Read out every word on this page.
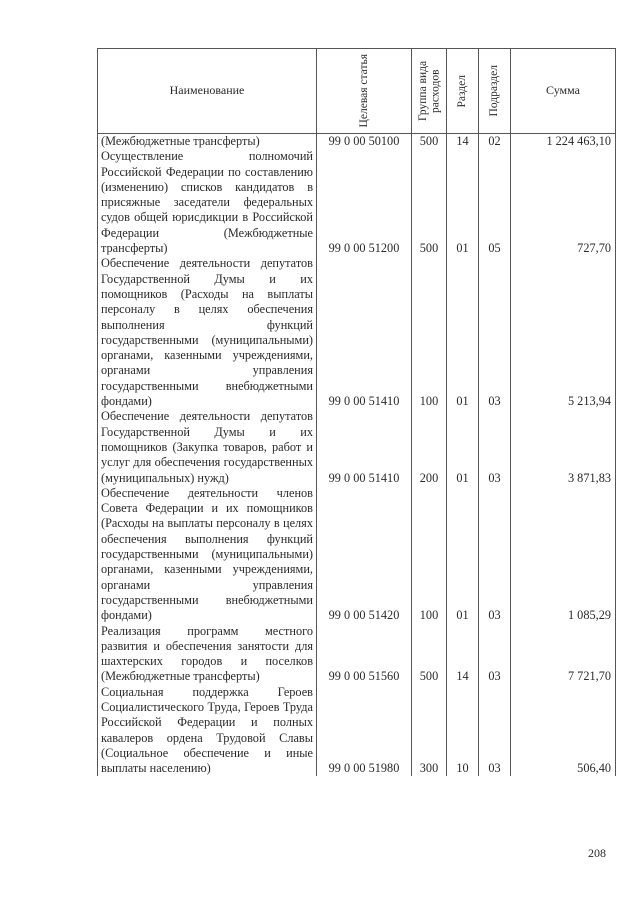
Наименование	Целевая статья	Группа вида расходов	Раздел	Подраздел	Сумма

(Межбюджетные трансферты)	99 0 00 50100	500	14	02	1 224 463,10

Осуществление полномочий Российской Федерации по составлению (изменению) списков кандидатов в присяжные заседатели федеральных судов общей юрисдикции в Российской Федерации (Межбюджетные трансферты)	99 0 00 51200	500	01	05	727,70

Обеспечение деятельности депутатов Государственной Думы и их помощников (Расходы на выплаты персоналу в целях обеспечения выполнения функций государственными (муниципальными) органами, казенными учреждениями, органами управления государственными внебюджетными фондами)	99 0 00 51410	100	01	03	5 213,94

Обеспечение деятельности депутатов Государственной Думы и их помощников (Закупка товаров, работ и услуг для обеспечения государственных (муниципальных) нужд)	99 0 00 51410	200	01	03	3 871,83

Обеспечение деятельности членов Совета Федерации и их помощников (Расходы на выплаты персоналу в целях обеспечения выполнения функций государственными (муниципальными) органами, казенными учреждениями, органами управления государственными внебюджетными фондами)	99 0 00 51420	100	01	03	1 085,29

Реализация программ местного развития и обеспечения занятости для шахтерских городов и поселков (Межбюджетные трансферты)	99 0 00 51560	500	14	03	7 721,70

Социальная поддержка Героев Социалистического Труда, Героев Труда Российской Федерации и полных кавалеров ордена Трудовой Славы (Социальное обеспечение и иные выплаты населению)	99 0 00 51980	300	10	03	506,40
208
